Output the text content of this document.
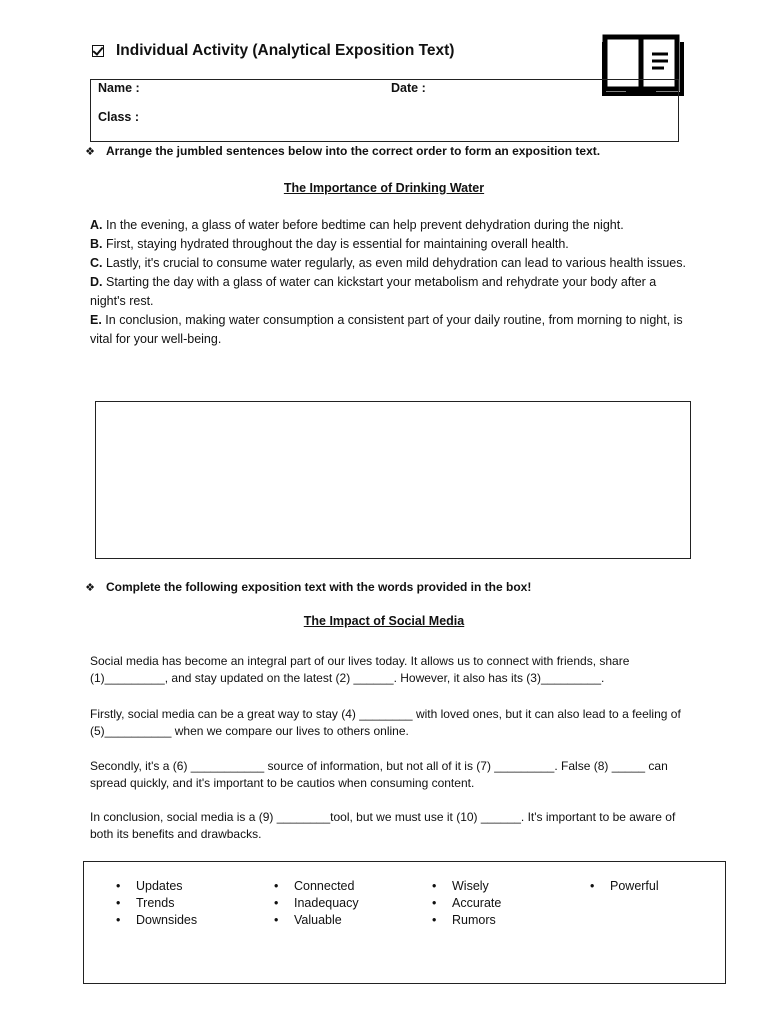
Individual Activity (Analytical Exposition Text)
Name :	Date :
Class :
❖ Arrange the jumbled sentences below into the correct order to form an exposition text.
The Importance of Drinking Water

A. In the evening, a glass of water before bedtime can help prevent dehydration during the night.

B. First, staying hydrated throughout the day is essential for maintaining overall health.

C. Lastly, it's crucial to consume water regularly, as even mild dehydration can lead to various health issues.

D. Starting the day with a glass of water can kickstart your metabolism and rehydrate your body after a night's rest.

E. In conclusion, making water consumption a consistent part of your daily routine, from morning to night, is vital for your well-being.

❖ Complete the following exposition text with the words provided in the box!
The Impact of Social Media
Social media has become an integral part of our lives today. It allows us to connect with friends, share (1)_________, and stay updated on the latest (2) ______. However, it also has its (3)_________.
Firstly, social media can be a great way to stay (4) ________ with loved ones, but it can also lead to a feeling of (5)__________ when we compare our lives to others online.
Secondly, it's a (6) ___________ source of information, but not all of it is (7) _________. False (8) _____ can spread quickly, and it's important to be cautios when consuming content.
In conclusion, social media is a (9) ________tool, but we must use it (10) ______. It's important to be aware of both its benefits and drawbacks.
• Updates
• Trends
• Downsides
• Connected
• Inadequacy
• Valuable
• Wisely
• Accurate
• Rumors
• Powerful
